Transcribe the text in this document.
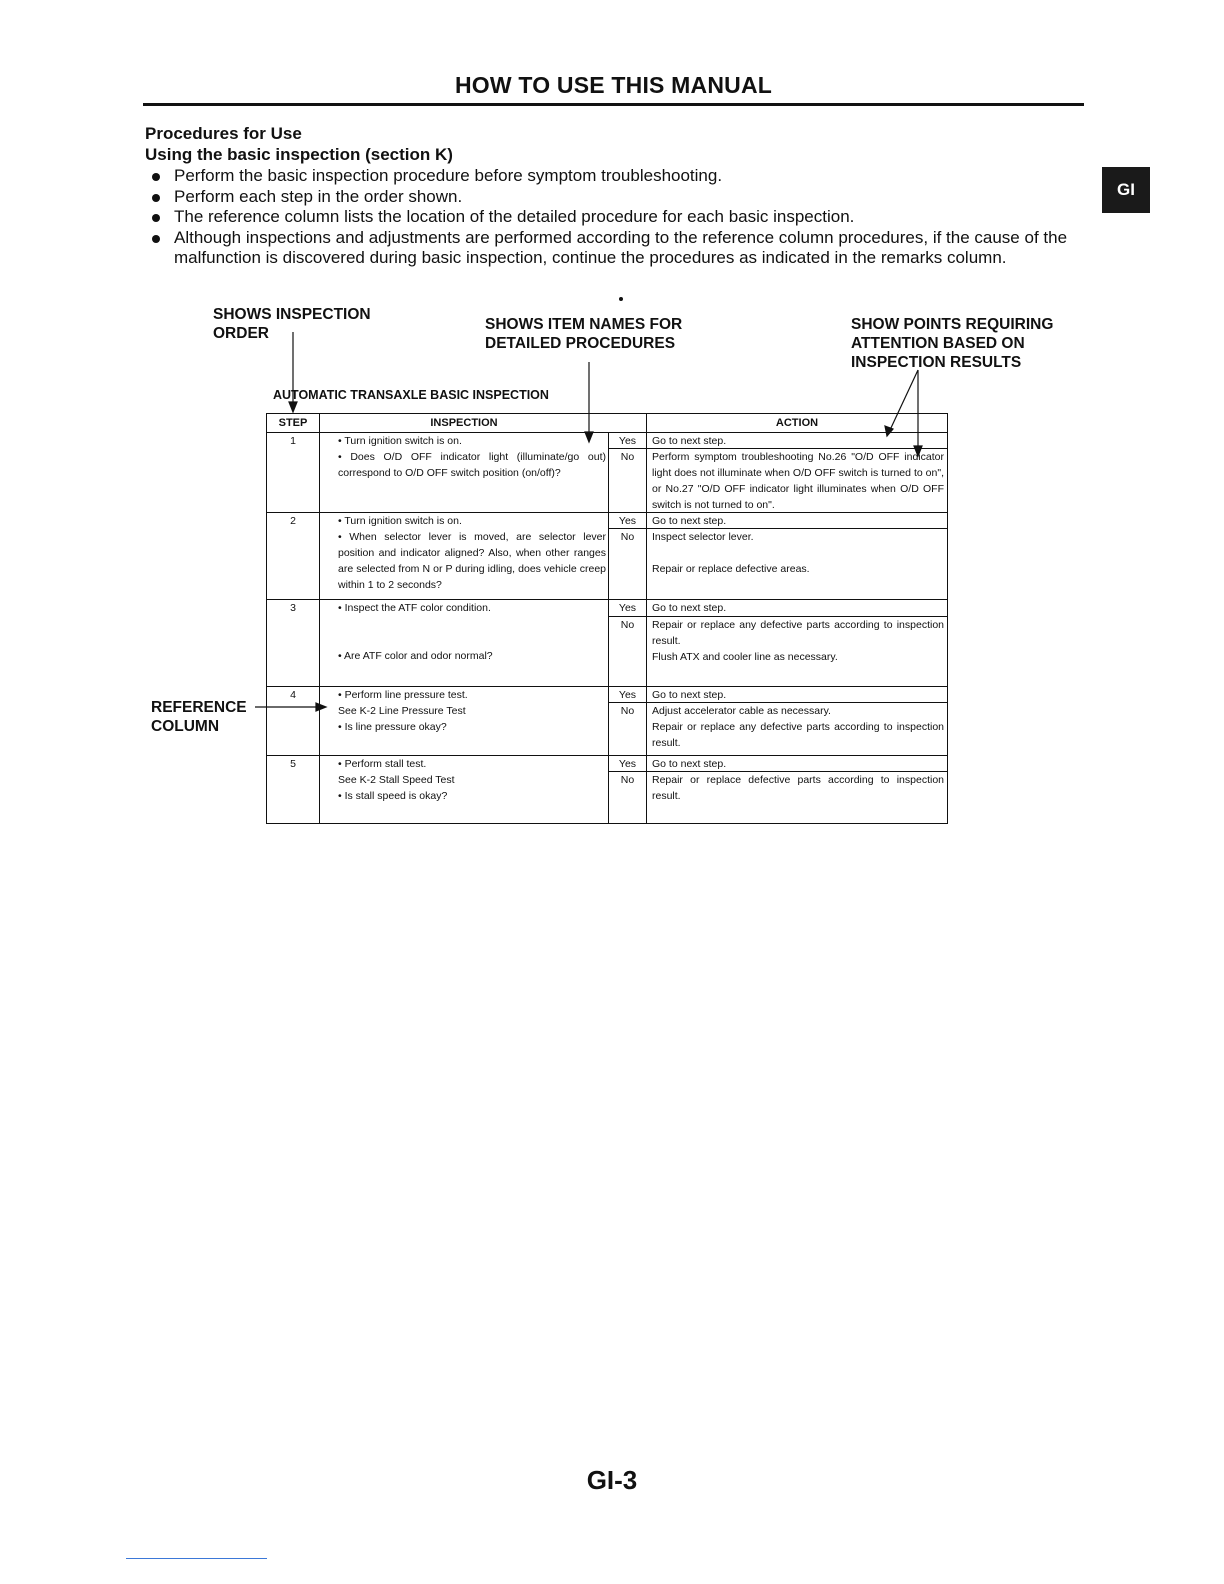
HOW TO USE THIS MANUAL
GI
Procedures for Use
Using the basic inspection (section K)
Perform the basic inspection procedure before symptom troubleshooting.
Perform each step in the order shown.
The reference column lists the location of the detailed procedure for each basic inspection.
Although inspections and adjustments are performed according to the reference column procedures, if the cause of the malfunction is discovered during basic inspection, continue the procedures as indicated in the remarks column.
SHOWS INSPECTION
ORDER
SHOWS ITEM NAMES FOR
DETAILED PROCEDURES
SHOW POINTS REQUIRING
ATTENTION BASED ON
INSPECTION RESULTS
REFERENCE
COLUMN
AUTOMATIC TRANSAXLE BASIC INSPECTION
STEP	INSPECTION	ACTION
1	• Turn ignition switch is on.
• Does O/D OFF indicator light (illuminate/go out) correspond to O/D OFF switch position (on/off)?
Yes	Go to next step.
No	Perform symptom troubleshooting No.26 "O/D OFF indicator light does not illuminate when O/D OFF switch is turned to on", or No.27 "O/D OFF indicator light illuminates when O/D OFF switch is not turned to on".
2	• Turn ignition switch is on.
• When selector lever is moved, are selector lever position and indicator aligned? Also, when other ranges are selected from N or P during idling, does vehicle creep within 1 to 2 seconds?
Yes	Go to next step.
No	Inspect selector lever.
Repair or replace defective areas.
3	• Inspect the ATF color condition.
• Are ATF color and odor normal?
Yes	Go to next step.
No	Repair or replace any defective parts according to inspection result.
Flush ATX and cooler line as necessary.
4	• Perform line pressure test.
See K-2 Line Pressure Test
• Is line pressure okay?
Yes	Go to next step.
No	Adjust accelerator cable as necessary.
Repair or replace any defective parts according to inspection result.
5	• Perform stall test.
See K-2 Stall Speed Test
• Is stall speed is okay?
Yes	Go to next step.
No	Repair or replace defective parts according to inspection result.
GI-3
